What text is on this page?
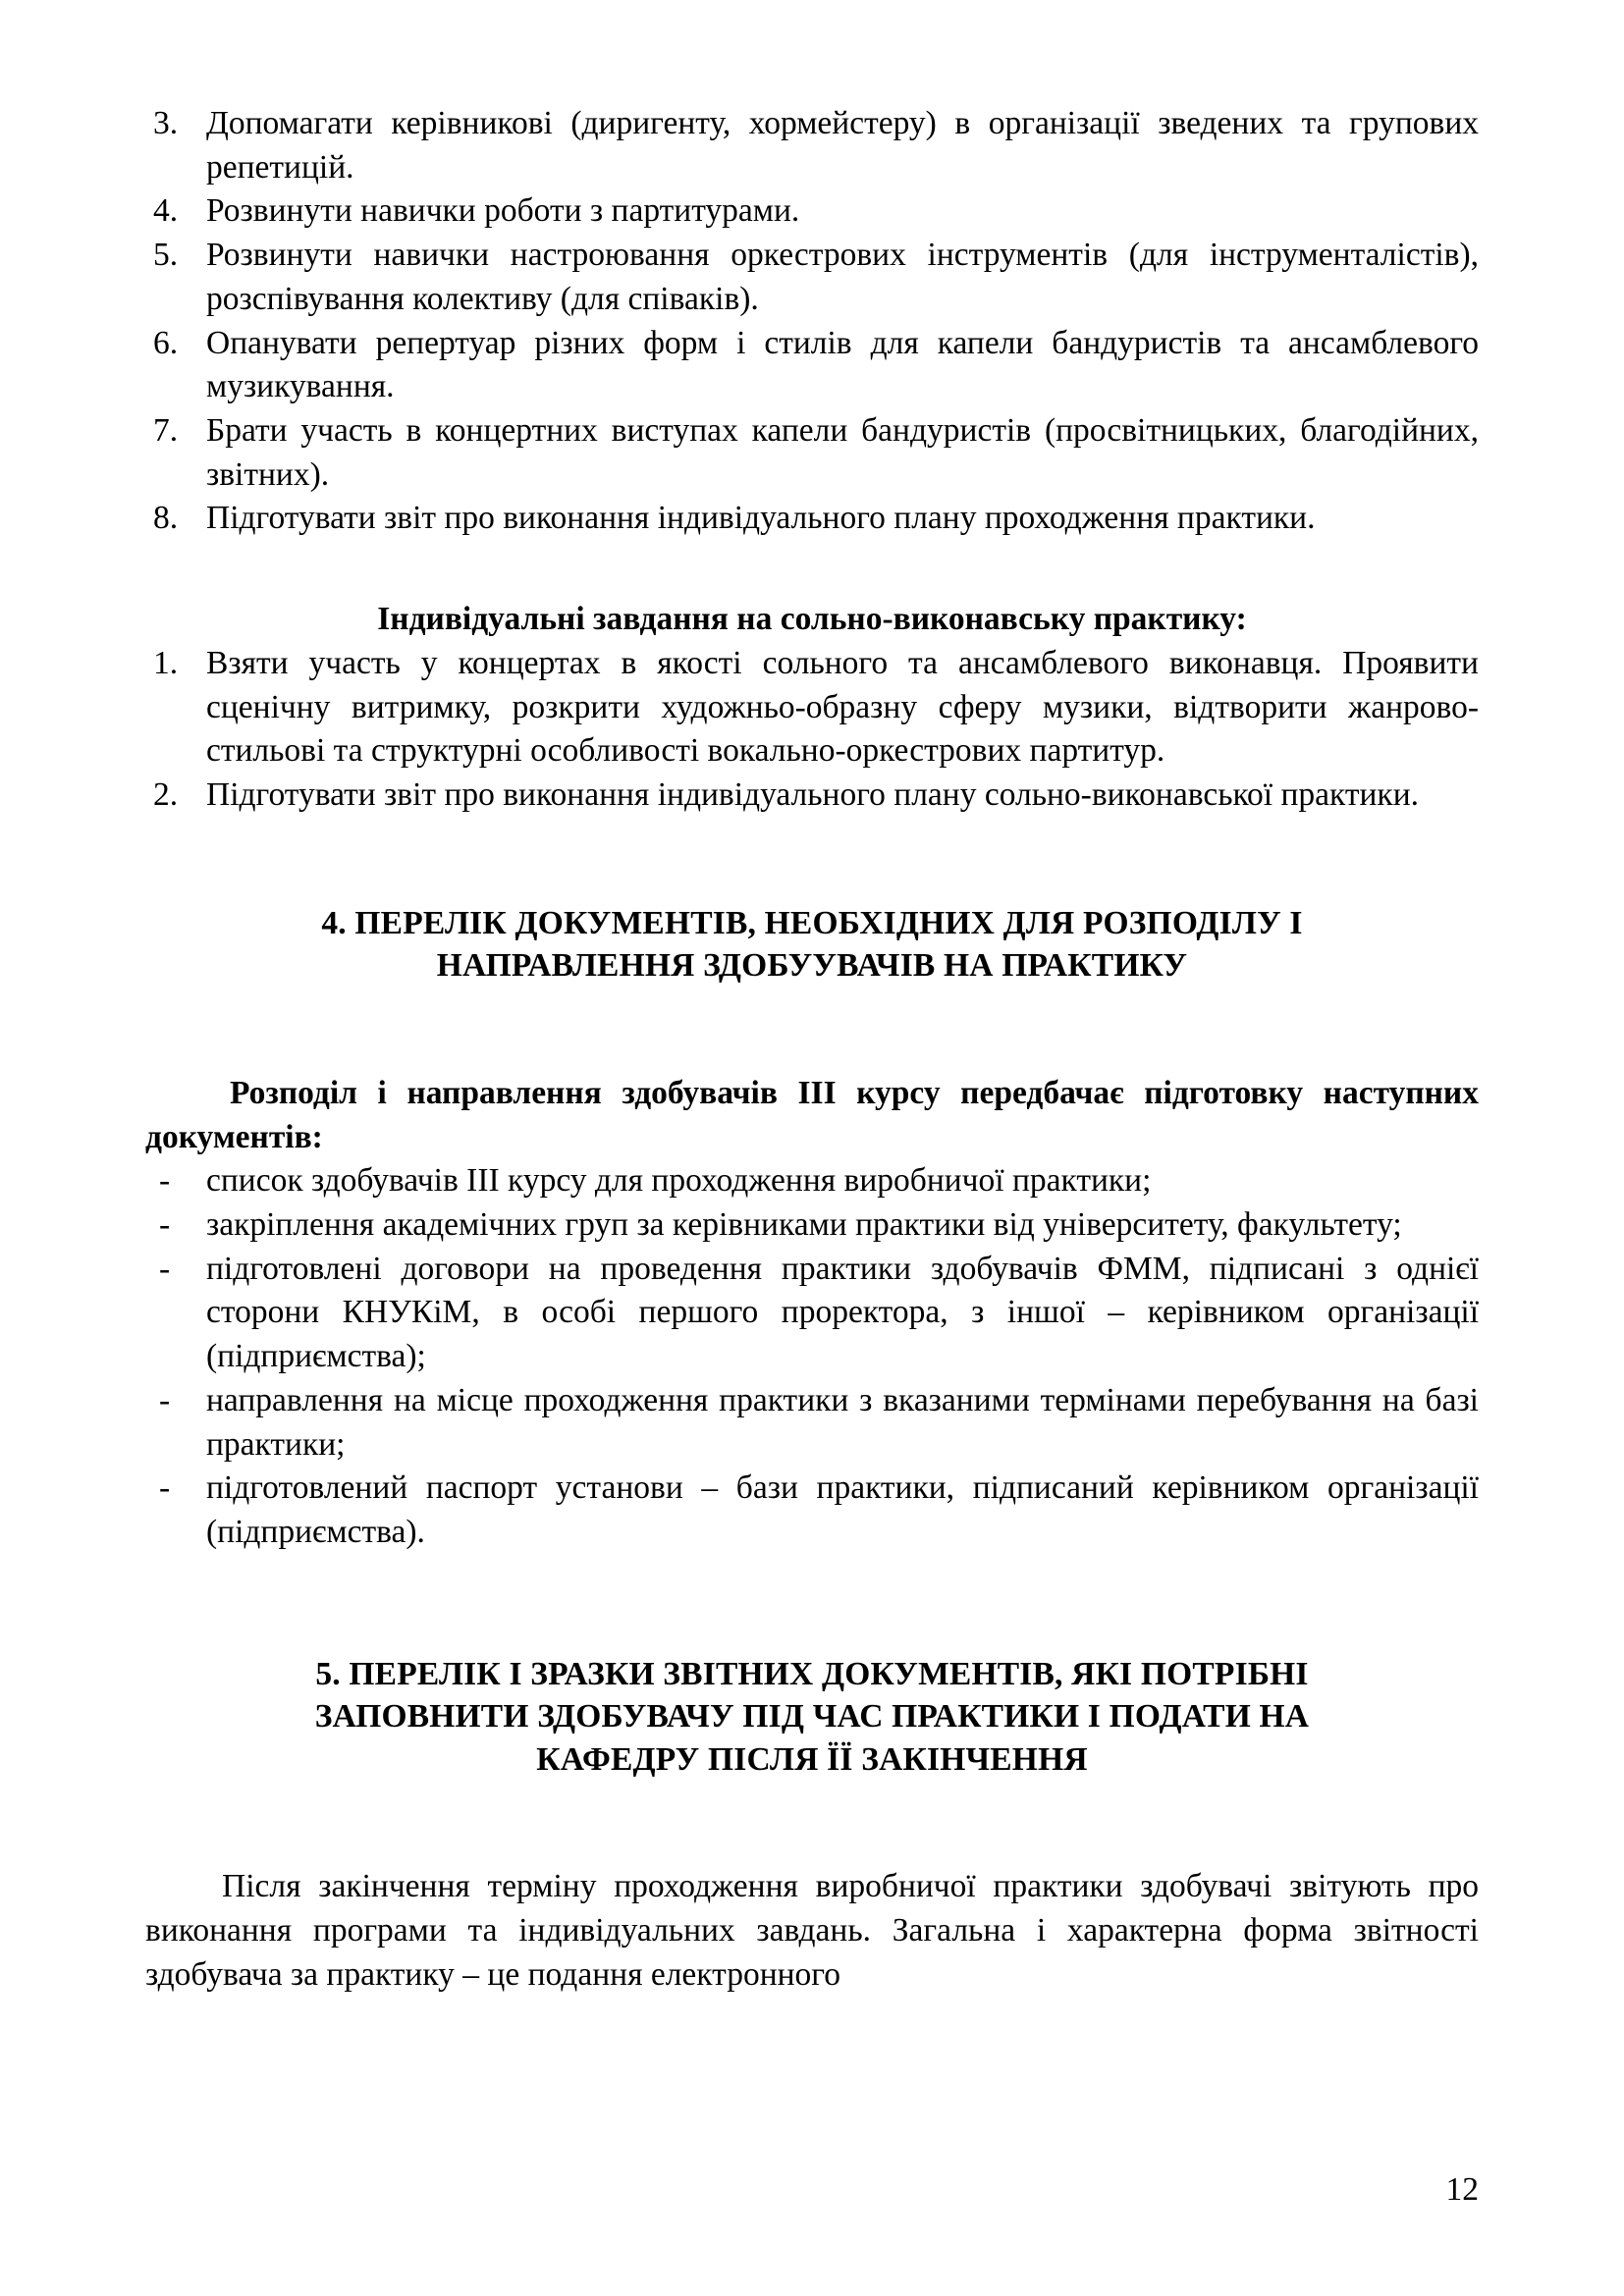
3. Допомагати керівникові (диригенту, хормейстеру) в організації зведених та групових репетицій.
4. Розвинути навички роботи з партитурами.
5. Розвинути навички настроювання оркестрових інструментів (для інструменталістів), розспівування колективу (для співаків).
6. Опанувати репертуар різних форм і стилів для капели бандуристів та ансамблевого музикування.
7. Брати участь в концертних виступах капели бандуристів (просвітницьких, благодійних, звітних).
8. Підготувати звіт про виконання індивідуального плану проходження практики.

Індивідуальні завдання на сольно-виконавську практику:

1. Взяти участь у концертах в якості сольного та ансамблевого виконавця. Проявити сценічну витримку, розкрити художньо-образну сферу музики, відтворити жанрово-стильові та структурні особливості вокально-оркестрових партитур.
2. Підготувати звіт про виконання індивідуального плану сольно-виконавської практики.

4. ПЕРЕЛІК ДОКУМЕНТІВ, НЕОБХІДНИХ ДЛЯ РОЗПОДІЛУ І

НАПРАВЛЕННЯ ЗДОБУУВАЧІВ НА ПРАКТИКУ

Розподіл і направлення здобувачів ІІІ курсу передбачає підготовку наступних документів:

- список здобувачів ІІІ курсу для проходження виробничої практики;
- закріплення академічних груп за керівниками практики від університету, факультету;
- підготовлені договори на проведення практики здобувачів ФММ, підписані з однієї сторони КНУКіМ, в особі першого проректора, з іншої – керівником організації (підприємства);
- направлення на місце проходження практики з вказаними термінами перебування на базі практики;
- підготовлений паспорт установи – бази практики, підписаний керівником організації (підприємства).

5. ПЕРЕЛІК І ЗРАЗКИ ЗВІТНИХ ДОКУМЕНТІВ, ЯКІ ПОТРІБНІ

ЗАПОВНИТИ ЗДОБУВАЧУ ПІД ЧАС ПРАКТИКИ І ПОДАТИ НА

КАФЕДРУ ПІСЛЯ ЇЇ ЗАКІНЧЕННЯ

Після закінчення терміну проходження виробничої практики здобувачі звітують про виконання програми та індивідуальних завдань. Загальна і характерна форма звітності здобувача за практику – це подання електронного

12
